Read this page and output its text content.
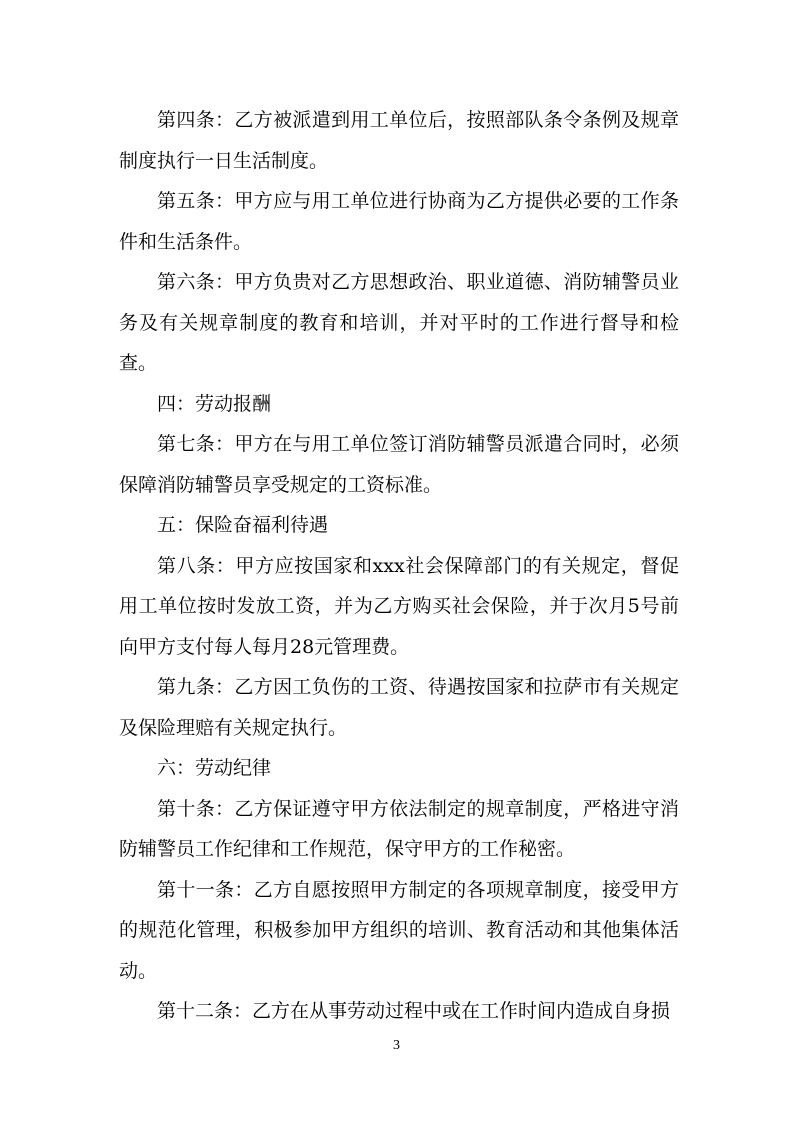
第四条：乙方被派遣到用工单位后，按照部队条令条例及规章制度执行一日生活制度。

第五条：甲方应与用工单位进行协商为乙方提供必要的工作条件和生活条件。

第六条：甲方负贵对乙方思想政治、职业道德、消防辅警员业务及有关规章制度的教育和培训，并对平时的工作进行督导和检查。

四：劳动报酬

第七条：甲方在与用工单位签订消防辅警员派遣合同时，必须保障消防辅警员享受规定的工资标准。

五：保险奋福利待遇

第八条：甲方应按国家和xxx社会保障部门的有关规定，督促用工单位按时发放工资，并为乙方购买社会保险，并于次月5号前向甲方支付每人每月28元管理费。

第九条：乙方因工负伤的工资、待遇按国家和拉萨市有关规定及保险理赔有关规定执行。

六：劳动纪律

第十条：乙方保证遵守甲方依法制定的规章制度，严格进守消防辅警员工作纪律和工作规范，保守甲方的工作秘密。

第十一条：乙方自愿按照甲方制定的各项规章制度，接受甲方的规范化管理，积极参加甲方组织的培训、教育活动和其他集体活动。

第十二条：乙方在从事劳动过程中或在工作时间内造成自身损

3
